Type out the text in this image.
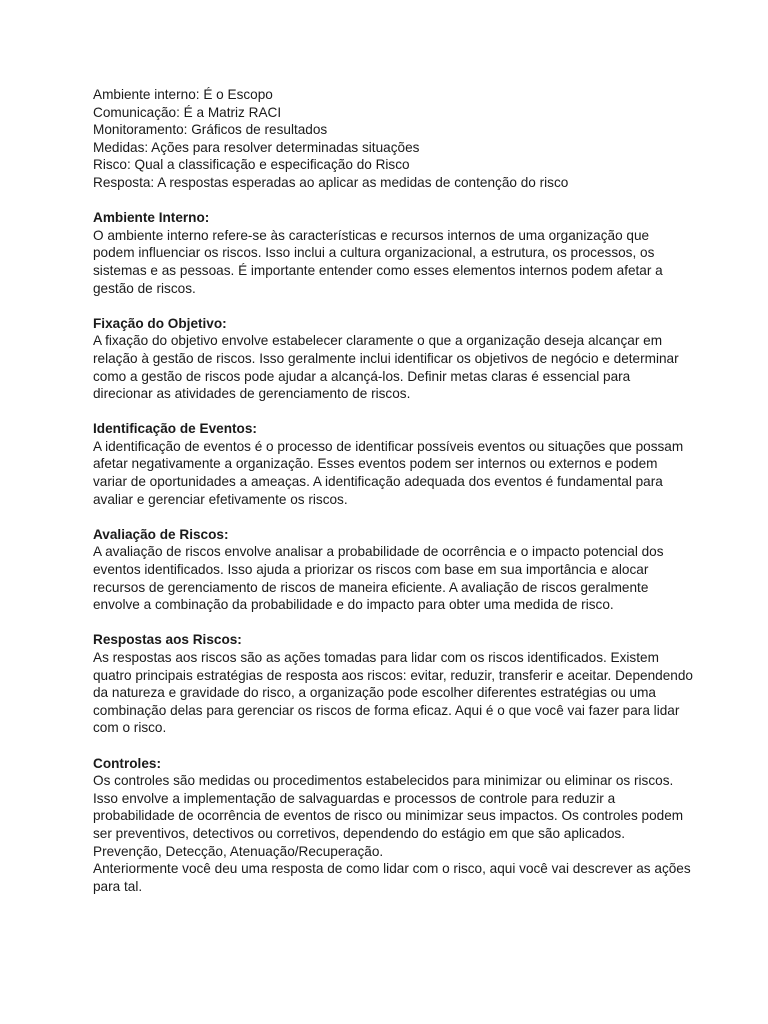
Ambiente interno: É o Escopo

Comunicação: É a Matriz RACI

Monitoramento: Gráficos de resultados

Medidas: Ações para resolver determinadas situações

Risco: Qual a classificação e especificação do Risco

Resposta: A respostas esperadas ao aplicar as medidas de contenção do risco

Ambiente Interno:

O ambiente interno refere-se às características e recursos internos de uma organização que podem influenciar os riscos. Isso inclui a cultura organizacional, a estrutura, os processos, os sistemas e as pessoas. É importante entender como esses elementos internos podem afetar a gestão de riscos.

Fixação do Objetivo:

A fixação do objetivo envolve estabelecer claramente o que a organização deseja alcançar em relação à gestão de riscos. Isso geralmente inclui identificar os objetivos de negócio e determinar como a gestão de riscos pode ajudar a alcançá-los. Definir metas claras é essencial para direcionar as atividades de gerenciamento de riscos.

Identificação de Eventos:

A identificação de eventos é o processo de identificar possíveis eventos ou situações que possam afetar negativamente a organização. Esses eventos podem ser internos ou externos e podem variar de oportunidades a ameaças. A identificação adequada dos eventos é fundamental para avaliar e gerenciar efetivamente os riscos.

Avaliação de Riscos:

A avaliação de riscos envolve analisar a probabilidade de ocorrência e o impacto potencial dos eventos identificados. Isso ajuda a priorizar os riscos com base em sua importância e alocar recursos de gerenciamento de riscos de maneira eficiente. A avaliação de riscos geralmente envolve a combinação da probabilidade e do impacto para obter uma medida de risco.

Respostas aos Riscos:

As respostas aos riscos são as ações tomadas para lidar com os riscos identificados. Existem quatro principais estratégias de resposta aos riscos: evitar, reduzir, transferir e aceitar. Dependendo da natureza e gravidade do risco, a organização pode escolher diferentes estratégias ou uma combinação delas para gerenciar os riscos de forma eficaz. Aqui é o que você vai fazer para lidar com o risco.

Controles:

Os controles são medidas ou procedimentos estabelecidos para minimizar ou eliminar os riscos. Isso envolve a implementação de salvaguardas e processos de controle para reduzir a probabilidade de ocorrência de eventos de risco ou minimizar seus impactos. Os controles podem ser preventivos, detectivos ou corretivos, dependendo do estágio em que são aplicados. Prevenção, Detecção, Atenuação/Recuperação.

Anteriormente você deu uma resposta de como lidar com o risco, aqui você vai descrever as ações para tal.
